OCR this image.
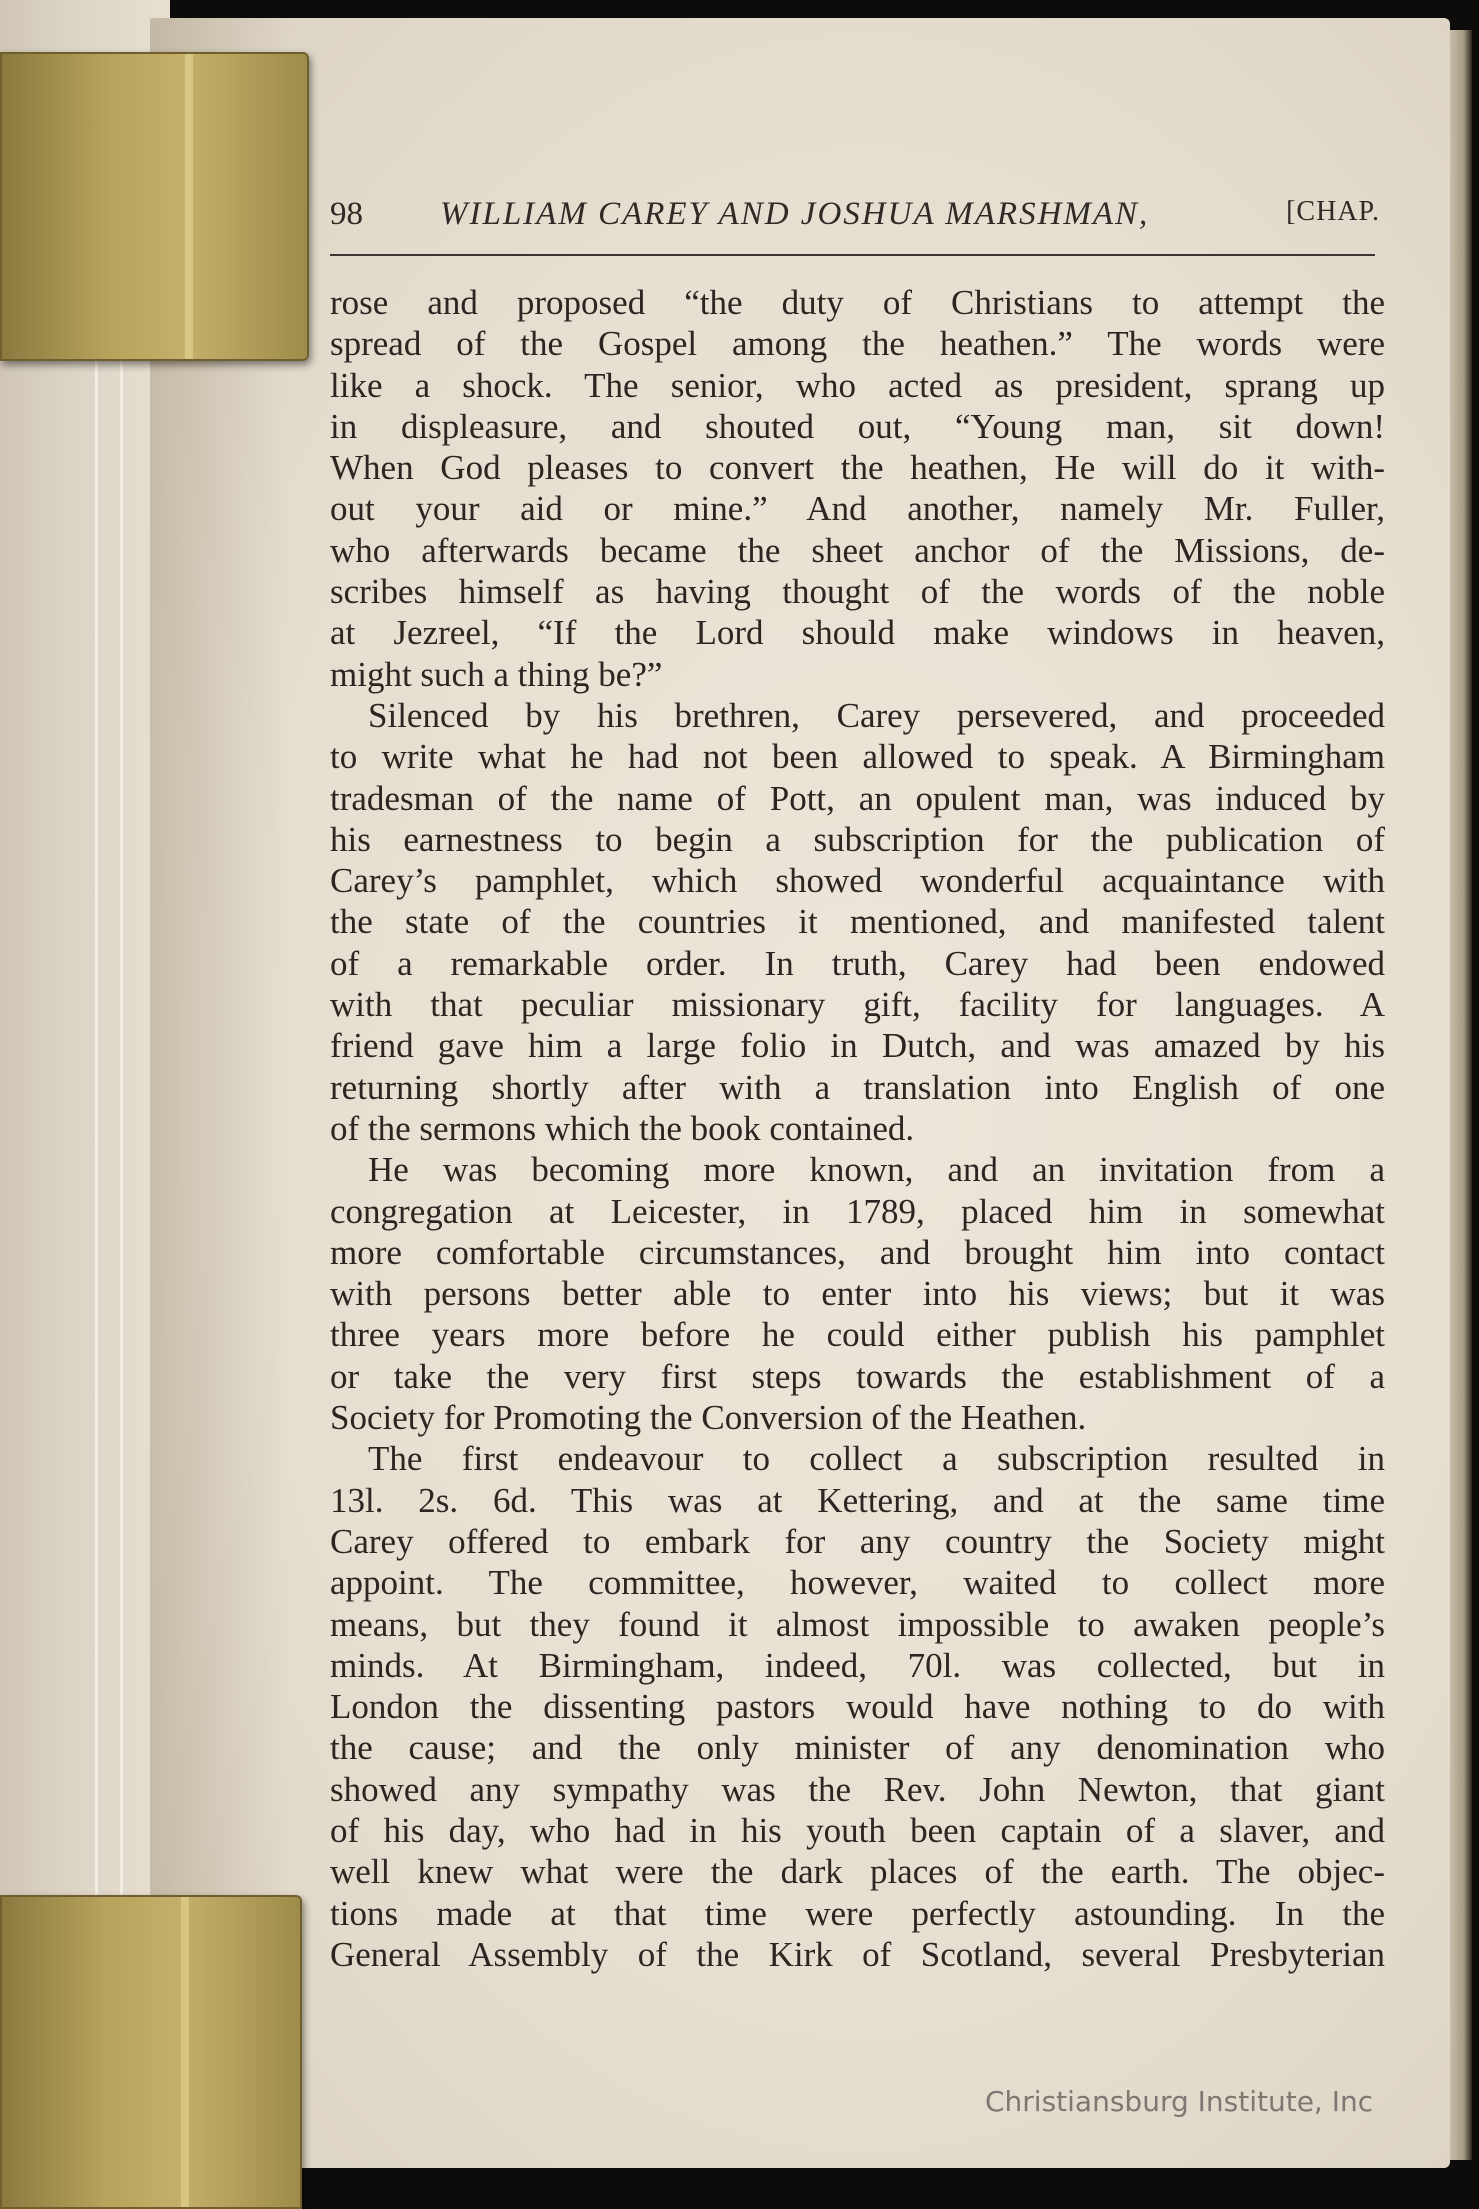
98 WILLIAM CAREY AND JOSHUA MARSHMAN,	[CHAP.
rose and proposed “the duty of Christians to attempt the
spread of the Gospel among the heathen.” The words were
like a shock. The senior, who acted as president, sprang up
in displeasure, and shouted out, “Young man, sit down!
When God pleases to convert the heathen, He will do it with-
out your aid or mine.” And another, namely Mr. Fuller,
who afterwards became the sheet anchor of the Missions, de-
scribes himself as having thought of the words of the noble
at Jezreel, “If the Lord should make windows in heaven,
might such a thing be?”
Silenced by his brethren, Carey persevered, and proceeded
to write what he had not been allowed to speak. A Birmingham
tradesman of the name of Pott, an opulent man, was induced by
his earnestness to begin a subscription for the publication of
Carey’s pamphlet, which showed wonderful acquaintance with
the state of the countries it mentioned, and manifested talent
of a remarkable order. In truth, Carey had been endowed
with that peculiar missionary gift, facility for languages. A
friend gave him a large folio in Dutch, and was amazed by his
returning shortly after with a translation into English of one
of the sermons which the book contained.
He was becoming more known, and an invitation from a
congregation at Leicester, in 1789, placed him in somewhat
more comfortable circumstances, and brought him into contact
with persons better able to enter into his views; but it was
three years more before he could either publish his pamphlet
or take the very first steps towards the establishment of a
Society for Promoting the Conversion of the Heathen.
The first endeavour to collect a subscription resulted in
13l. 2s. 6d. This was at Kettering, and at the same time
Carey offered to embark for any country the Society might
appoint. The committee, however, waited to collect more
means, but they found it almost impossible to awaken people’s
minds. At Birmingham, indeed, 70l. was collected, but in
London the dissenting pastors would have nothing to do with
the cause; and the only minister of any denomination who
showed any sympathy was the Rev. John Newton, that giant
of his day, who had in his youth been captain of a slaver, and
well knew what were the dark places of the earth. The objec-
tions made at that time were perfectly astounding. In the
General Assembly of the Kirk of Scotland, several Presbyterian
Christiansburg Institute, Inc
